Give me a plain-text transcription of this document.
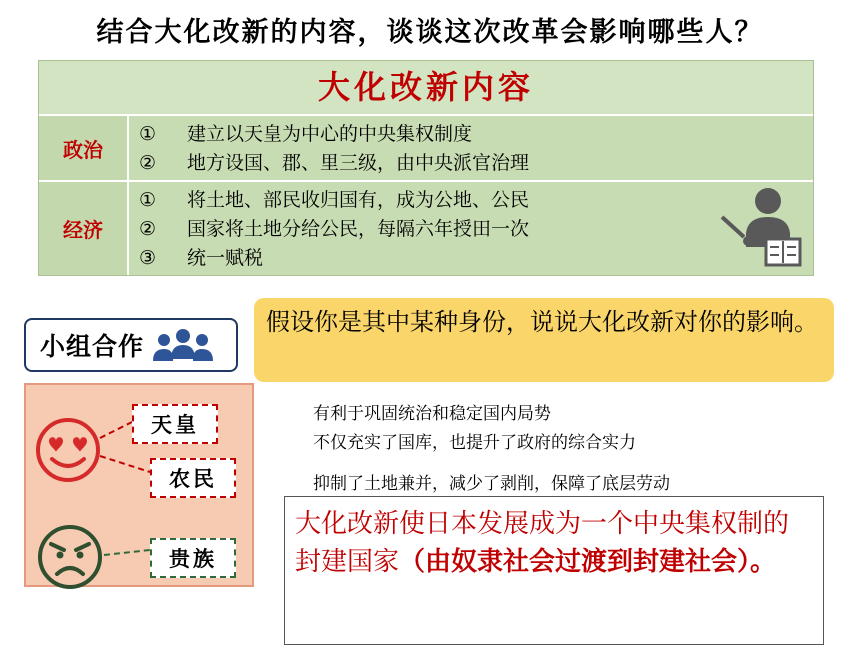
结合大化改新的内容，谈谈这次改革会影响哪些人？
大化改新内容
政治
① 建立以天皇为中心的中央集权制度
② 地方设国、郡、里三级，由中央派官治理
经济
① 将土地、部民收归国有，成为公地、公民
② 国家将土地分给公民，每隔六年授田一次
③ 统一赋税
小组合作
假设你是其中某种身份，说说大化改新对你的影响。
天皇
农民
贵族
有利于巩固统治和稳定国内局势
不仅充实了国库，也提升了政府的综合实力
抑制了土地兼并，减少了剥削，保障了底层劳动
大化改新使日本发展成为一个中央集权制的封建国家（由奴隶社会过渡到封建社会）。
